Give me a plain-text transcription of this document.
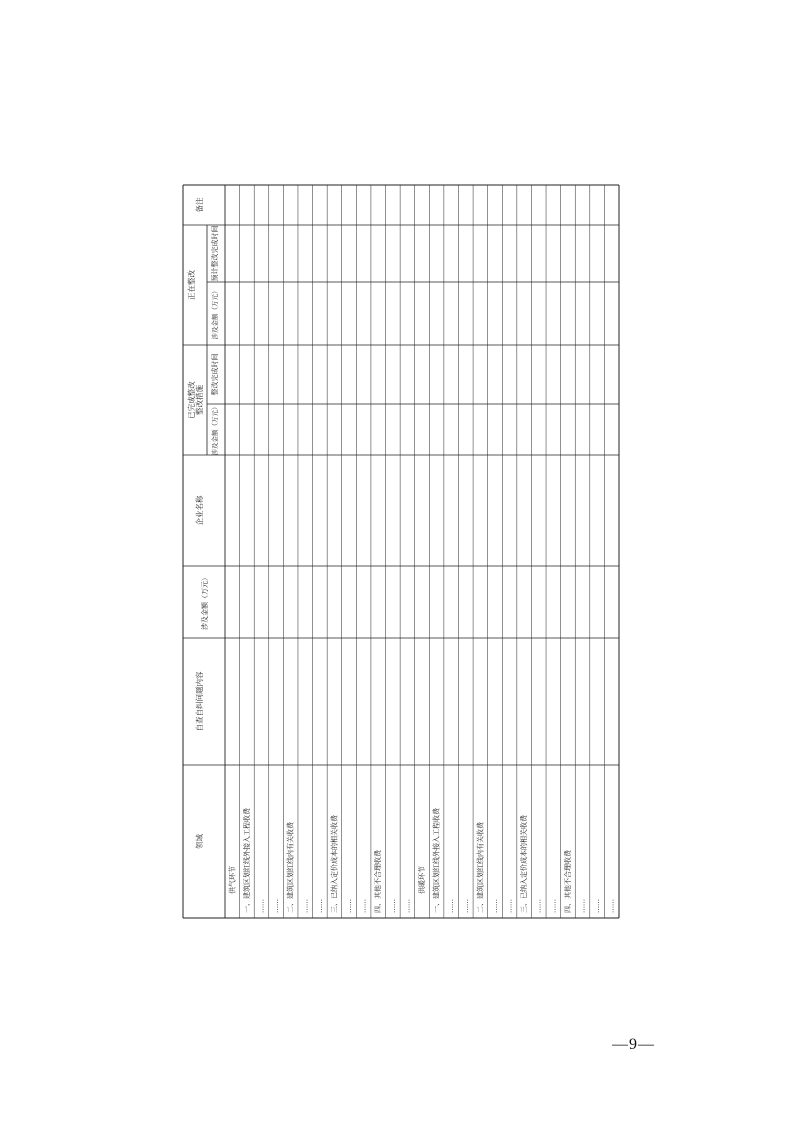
领域
自查自纠问题内容
涉及金额（万元）
企业名称
整改措施
已完成整改
涉及金额（万元）
整改完成时间
正在整改
涉及金额（万元）
预计整改完成时间
备注
供气环节 一、建筑区划红线外接入工程收费 …… …… 二、建筑区划红线内有关收费 …… …… 三、已纳入定价成本的相关收费 …… …… 四、其他不合理收费 …… ……
供暖环节 一、建筑区划红线外接入工程收费 …… …… 二、建筑区划红线内有关收费 …… …… 三、已纳入定价成本的相关收费 …… …… 四、其他不合理收费 …… …… ……
—9—
